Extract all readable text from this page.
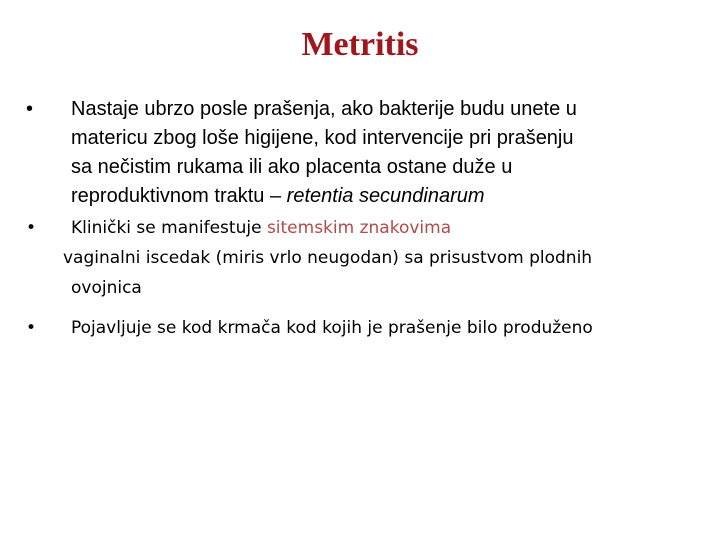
Metritis
• Nastaje ubrzo posle prašenja, ako bakterije budu unete u
matericu zbog loše higijene, kod intervencije pri prašenju
sa nečistim rukama ili ako placenta ostane duže u
reproduktivnom traktu – retentia secundinarum
• Klinički se manifestuje sitemskim znakovima
vaginalni iscedak (miris vrlo neugodan) sa prisustvom plodnih
ovojnica
• Pojavljuje se kod krmača kod kojih je prašenje bilo produženo
